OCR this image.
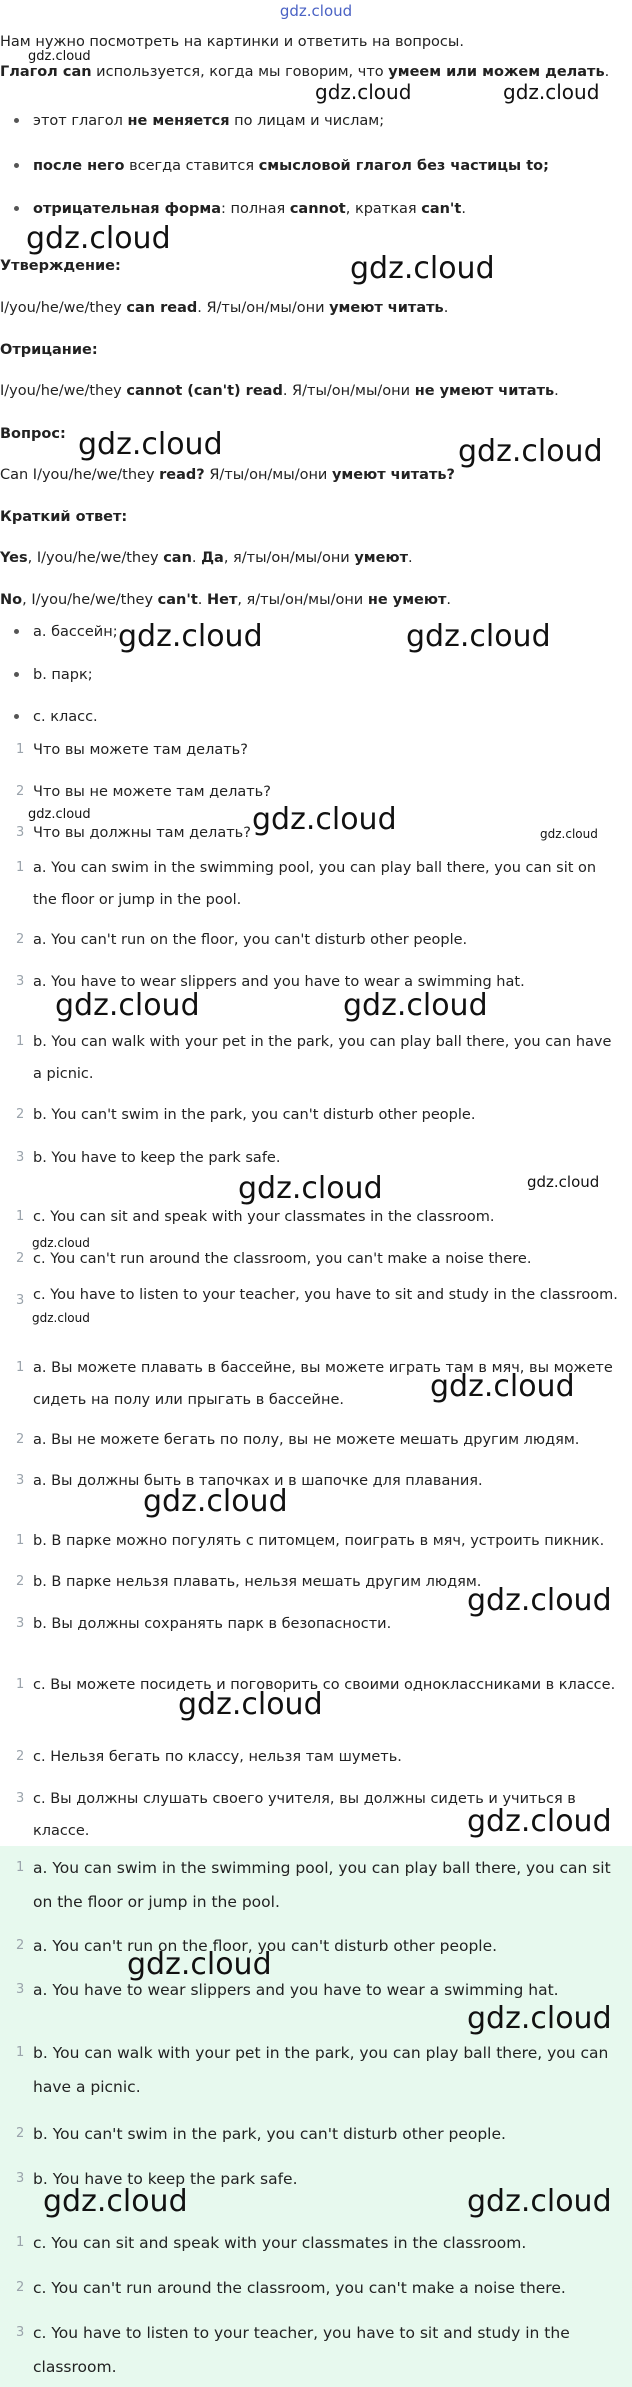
gdz.cloud
Нам нужно посмотреть на картинки и ответить на вопросы.
Глагол can используется, когда мы говорим, что умеем или можем делать.
этот глагол не меняется по лицам и числам;
после него всегда ставится смысловой глагол без частицы to;
отрицательная форма: полная cannot, краткая can't.
Утверждение:
I/you/he/we/they can read. Я/ты/он/мы/они умеют читать.
Отрицание:
I/you/he/we/they cannot (can't) read. Я/ты/он/мы/они не умеют читать.
Вопрос:
Can I/you/he/we/they read? Я/ты/он/мы/они умеют читать?
Краткий ответ:
Yes, I/you/he/we/they can. Да, я/ты/он/мы/они умеют.
No, I/you/he/we/they can't. Нет, я/ты/он/мы/они не умеют.
a. бассейн;
b. парк;
c. класс.
1 Что вы можете там делать?
2 Что вы не можете там делать?
3 Что вы должны там делать?
1 a. You can swim in the swimming pool, you can play ball there, you can sit on the floor or jump in the pool.
2 a. You can't run on the floor, you can't disturb other people.
3 a. You have to wear slippers and you have to wear a swimming hat.
1 b. You can walk with your pet in the park, you can play ball there, you can have a picnic.
2 b. You can't swim in the park, you can't disturb other people.
3 b. You have to keep the park safe.
1 c. You can sit and speak with your classmates in the classroom.
2 c. You can't run around the classroom, you can't make a noise there.
3 c. You have to listen to your teacher, you have to sit and study in the classroom.
1 a. Вы можете плавать в бассейне, вы можете играть там в мяч, вы можете сидеть на полу или прыгать в бассейне.
2 a. Вы не можете бегать по полу, вы не можете мешать другим людям.
3 a. Вы должны быть в тапочках и в шапочке для плавания.
1 b. В парке можно погулять с питомцем, поиграть в мяч, устроить пикник.
2 b. В парке нельзя плавать, нельзя мешать другим людям.
3 b. Вы должны сохранять парк в безопасности.
1 c. Вы можете посидеть и поговорить со своими одноклассниками в классе.
2 c. Нельзя бегать по классу, нельзя там шуметь.
3 c. Вы должны слушать своего учителя, вы должны сидеть и учиться в классе.
1 a. You can swim in the swimming pool, you can play ball there, you can sit on the floor or jump in the pool.
2 a. You can't run on the floor, you can't disturb other people.
3 a. You have to wear slippers and you have to wear a swimming hat.
1 b. You can walk with your pet in the park, you can play ball there, you can have a picnic.
2 b. You can't swim in the park, you can't disturb other people.
3 b. You have to keep the park safe.
1 c. You can sit and speak with your classmates in the classroom.
2 c. You can't run around the classroom, you can't make a noise there.
3 c. You have to listen to your teacher, you have to sit and study in the classroom.
gdz.cloud
gdz.cloud	gdz.cloud
gdz.cloud
gdz.cloud
gdz.cloud	gdz.cloud
gdz.cloud	gdz.cloud
gdz.cloud	gdz.cloud	gdz.cloud
gdz.cloud	gdz.cloud
gdz.cloud	gdz.cloud
gdz.cloud
gdz.cloud
gdz.cloud
gdz.cloud
gdz.cloud
gdz.cloud
gdz.cloud
gdz.cloud
gdz.cloud
gdz.cloud	gdz.cloud
